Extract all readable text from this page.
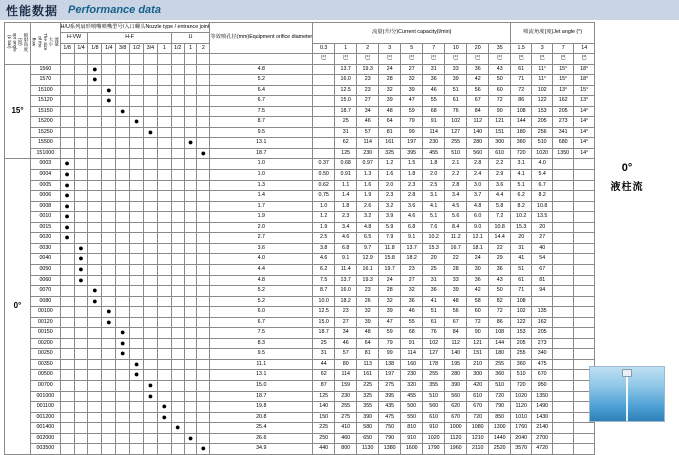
性能数据 Performance data
喷射角度
(度)
spt angle
(1 bar)	流量
大小
The size
of the
flow	H/U系列扇形喷嘴喷嘴型号/入口螺头Nozzle type / entrance joint											等效喷孔径(mm)Equipment orifice diameter	流量(升/分)Current capacity(l/min)									喷流角度(度)Jet angle (°)			
		H-VW		H-F						U																
		1/8	1/4	1/8	1/4	3/8	1/2	3/4	1	1/2	1	2		0.3	1	2	3	5	7	10	20	35	1.5	3	7	14
														巴	巴	巴	巴	巴	巴	巴	巴	巴	巴	巴	巴	巴
15°	1560			●									4.8		13.7	19.3	24	27	31	33	36	43	61	11°	15°	18°
	1570			●									5.2		16.0	23	28	32	36	39	42	50	71	11°	15°	18°
	15100				●								6.4		12.5	23	32	39	46	51	56	60	72	102	13°	15°
	15120				●								6.7		15.0	27	39	47	55	61	67	72	86	122	162	13°
	15150					●							7.5		18.7	34	48	59	68	76	84	90	108	153	205	14°
	15200						●						8.7		25	46	64	79	91	102	112	121	144	205	273	14°
	15250							●					9.5		31	57	81	99	114	127	140	151	180	256	341	14°
	15500										●		13.1		62	114	161	197	230	255	280	300	360	510	680	14°
	151000											●	18.7		125	230	325	395	455	510	560	610	720	1020	1350	14°
0°	0003	●											1.0	0.37	0.68	0.97	1.2	1.5	1.8	2.1	2.8	2.2	3.1	4.0		
	0004	●											1.0	0.50	0.91	1.3	1.6	1.8	2.0	2.2	2.4	2.9	4.1	5.4		
	0005	●											1.3	0.62	1.1	1.6	2.0	2.3	2.5	2.8	3.0	3.6	5.1	6.7		
	0006	●											1.4	0.75	1.4	1.9	2.3	2.8	3.1	3.4	3.7	4.4	6.2	8.2		
	0008	●											1.7	1.0	1.8	2.6	3.2	3.6	4.1	4.5	4.8	5.8	8.2	10.8		
	0010	●											1.9	1.2	2.3	3.2	3.9	4.6	5.1	5.6	6.0	7.2	10.2	13.5		
	0015	●											2.0	1.9	3.4	4.8	5.9	6.8	7.6	8.4	9.0	10.8	15.3	20		
	0020	●											2.7	2.5	4.6	6.5	7.9	9.1	10.2	11.2	12.1	14.4	20	27		
	0030		●										3.6	3.8	6.8	9.7	11.8	13.7	15.3	16.7	18.1	22	31	40		
	0040		●										4.0	4.6	9.1	12.9	15.8	18.2	20	22	24	29	41	54		
	0050		●										4.4	6.2	11.4	16.1	19.7	23	25	28	30	36	51	67		
	0060		●										4.8	7.5	13.7	19.3	24	27	31	33	36	43	61	81		
	0070			●									5.2	8.7	16.0	23	28	32	36	39	42	50	71	94		
	0080			●									5.2	10.0	18.2	26	32	36	41	48	58	82	108			
	00100				●								6.0	12.5	23	32	39	46	51	56	60	72	102	135		
	00120				●								6.7	15.0	27	39	47	55	61	67	72	86	122	162		
	00150					●							7.5	18.7	34	48	59	68	76	84	90	108	153	205		
	00200					●							8.3	25	46	64	79	91	102	112	121	144	205	273		
	00250					●							9.5	31	57	81	99	114	127	140	151	180	255	340		
	00350						●						11.1	44	80	113	138	160	178	195	210	255	360	475		
	00500						●						13.1	62	114	161	197	230	255	280	300	360	510	670		
	00700							●					15.0	87	159	225	275	320	355	390	420	510	720	950		
	001000							●					18.7	125	230	325	395	455	510	560	610	720	1020	1350		
	001100								●				19.8	140	255	355	435	500	560	620	670	790	1120	1490		
	001200								●				20.8	150	275	390	475	550	610	670	720	850	1010	1430		
	001400									●			25.4	225	410	580	750	810	910	1000	1080	1300	1760	2140		
	002000										●		26.6	250	460	650	790	910	1020	1120	1210	1440	2040	2700		
	003500											●	34.9	440	800	1130	1380	1600	1790	1960	2110	2520	3570	4720		
0°
液柱流
